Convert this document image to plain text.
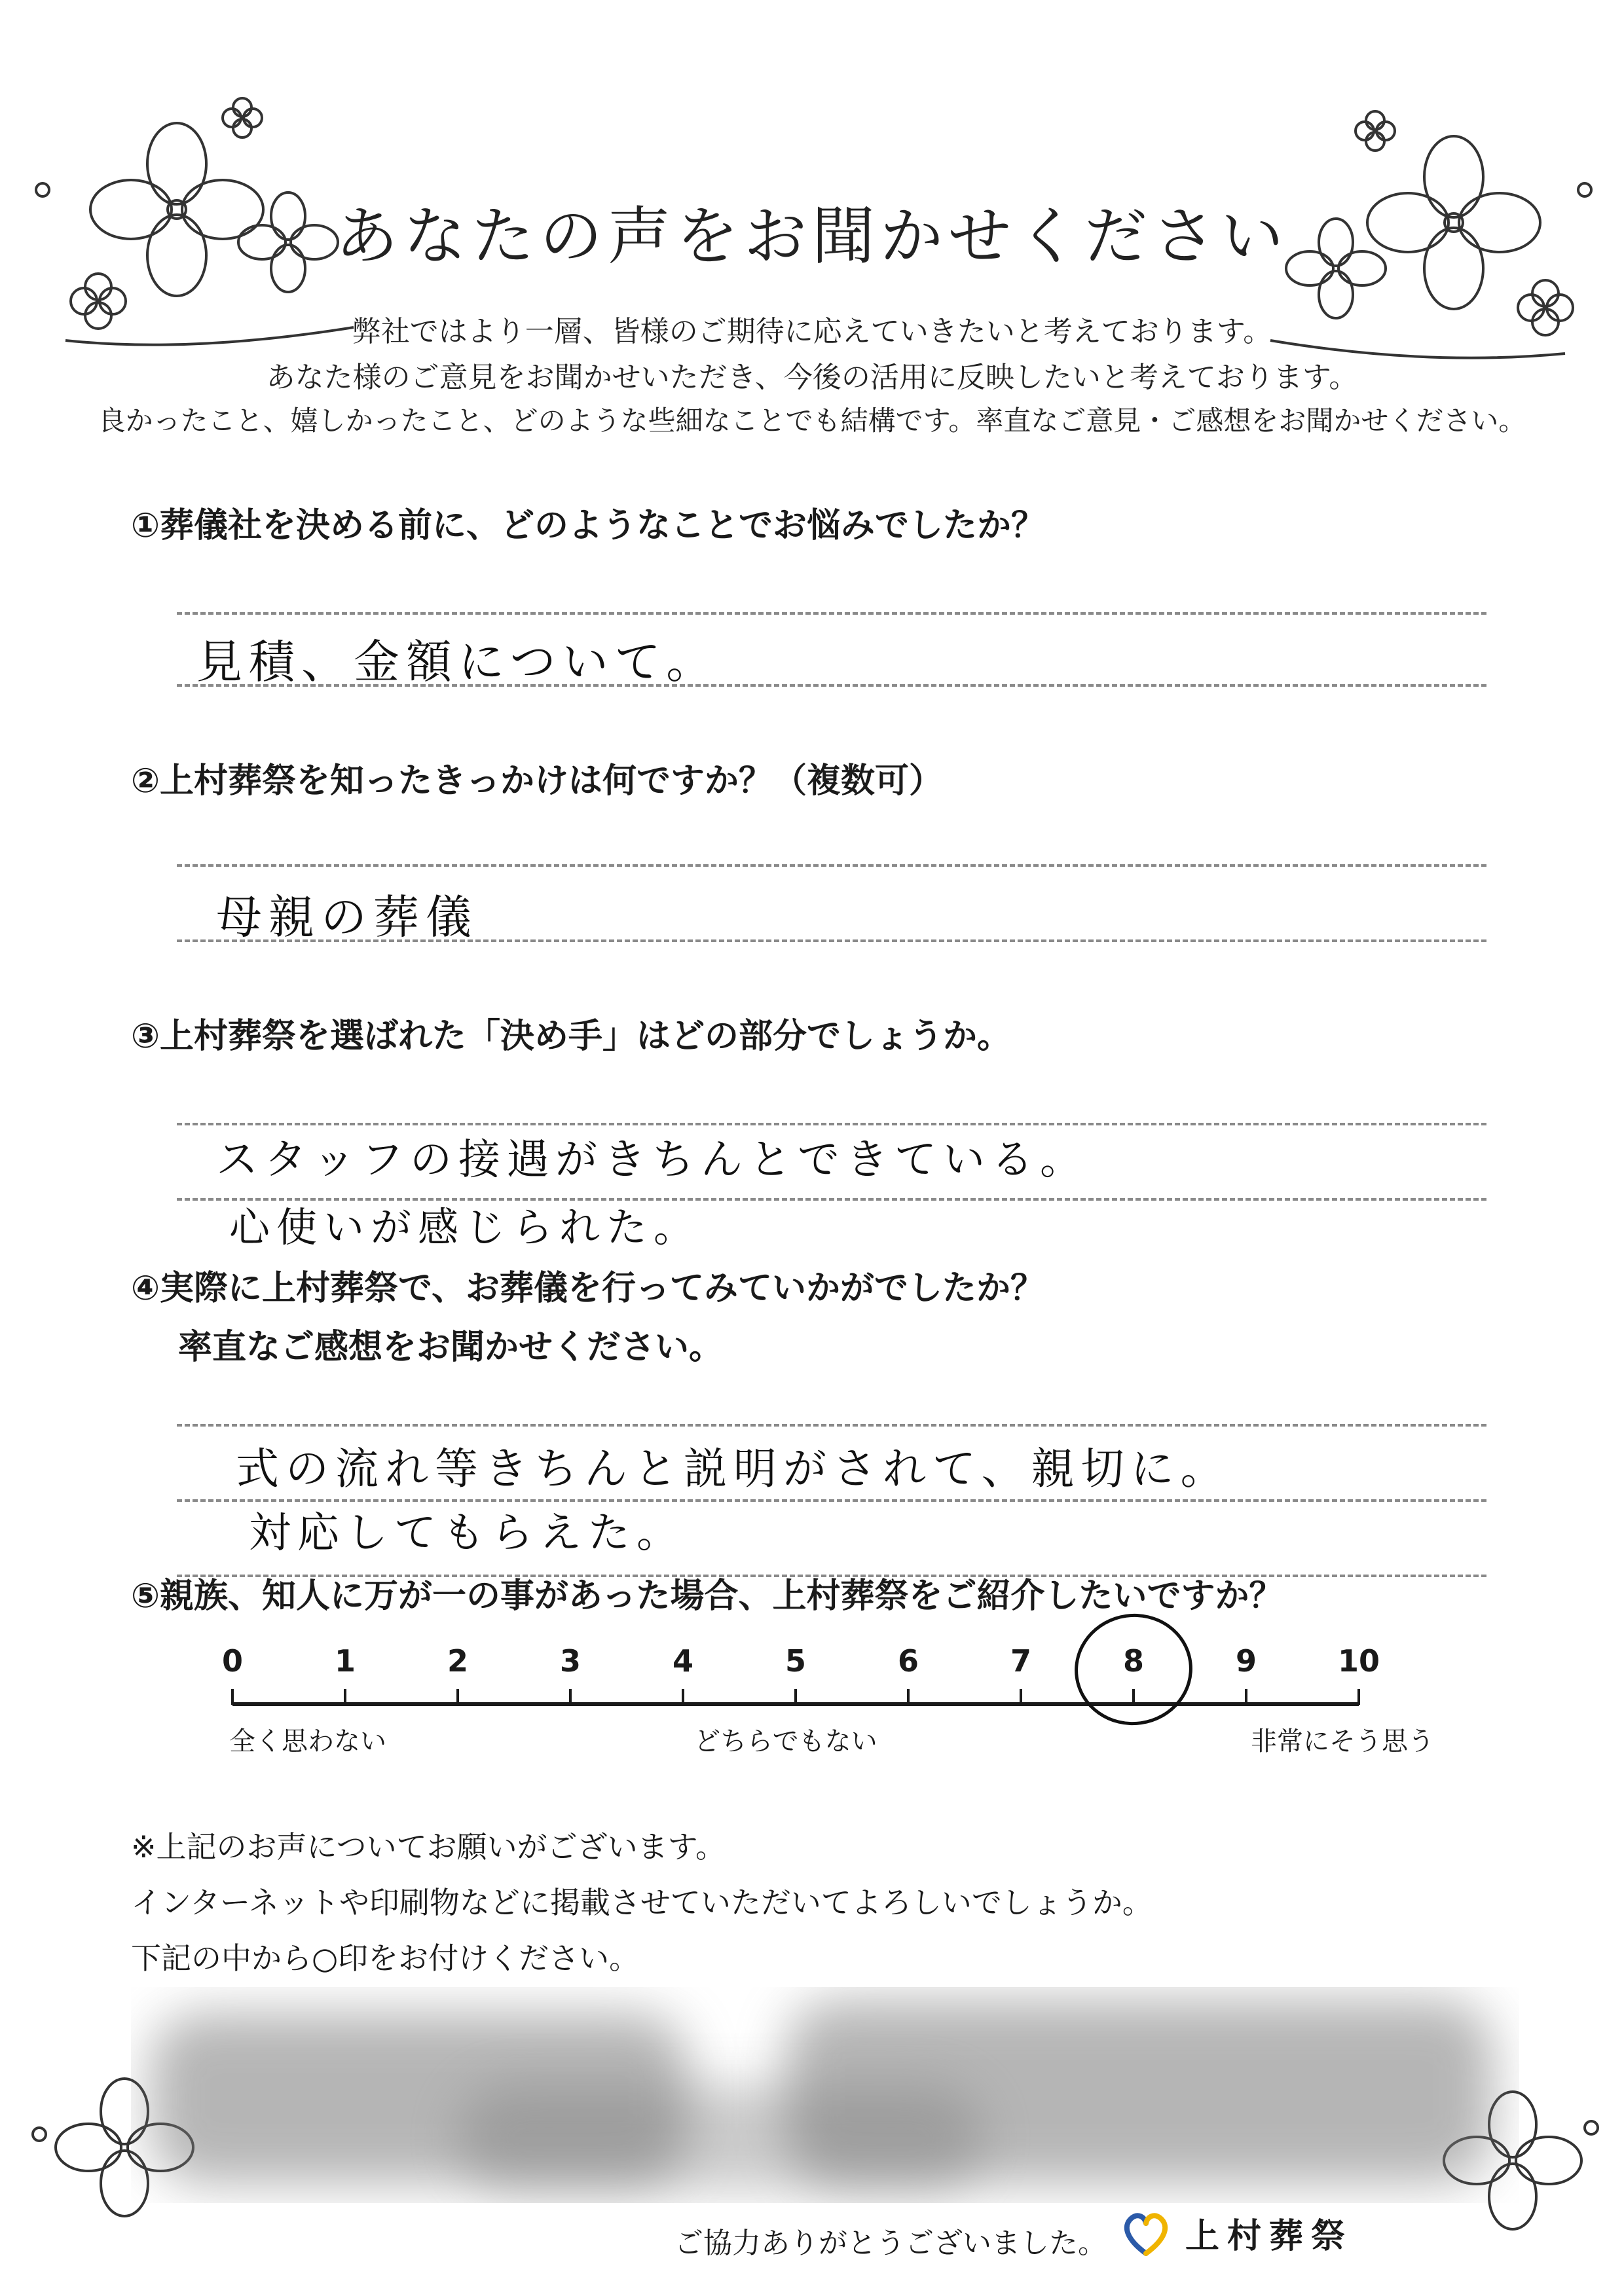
あなたの声をお聞かせください
弊社ではより一層、皆様のご期待に応えていきたいと考えております。
あなた様のご意見をお聞かせいただき、今後の活用に反映したいと考えております。
良かったこと、嬉しかったこと、どのような些細なことでも結構です。率直なご意見・ご感想をお聞かせください。
①葬儀社を決める前に、どのようなことでお悩みでしたか？
見積、金額について。
②上村葬祭を知ったきっかけは何ですか？（複数可）
母親の葬儀
③上村葬祭を選ばれた「決め手」はどの部分でしょうか。
スタッフの接遇がきちんとできている。
心使いが感じられた。
④実際に上村葬祭で、お葬儀を行ってみていかがでしたか？
率直なご感想をお聞かせください。
式の流れ等きちんと説明がされて、親切に。
対応してもらえた。
⑤親族、知人に万が一の事があった場合、上村葬祭をご紹介したいですか？
0	1	2	3	4	5	6	7	8	9	10
全く思わない	どちらでもない	非常にそう思う
※上記のお声についてお願いがございます。
インターネットや印刷物などに掲載させていただいてよろしいでしょうか。
下記の中から○印をお付けください。
ご協力ありがとうございました。 上村葬祭
